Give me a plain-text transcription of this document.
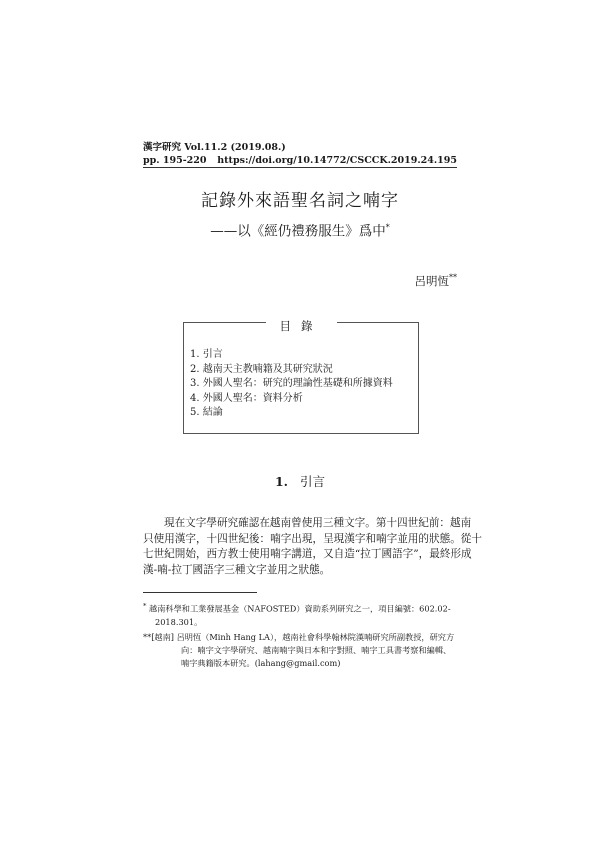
漢字研究 Vol.11.2 (2019.08.)
pp. 195-220	https://doi.org/10.14772/CSCCK.2019.24.195
記錄外來語聖名詞之喃字
——以《經仍禮務服生》爲中*
呂明恆**
目錄
1. 引言
2. 越南天主教喃籍及其研究狀況
3. 外國人聖名：研究的理論性基礎和所據資料
4. 外國人聖名：資料分析
5. 結論
1. 引言
現在文字學研究確認在越南曾使用三種文字。第十四世紀前：越南
只使用漢字，十四世紀後：喃字出現，呈現漢字和喃字並用的狀態。從十
七世紀開始，西方教士使用喃字講道，又自造“拉丁國語字”，最終形成
漢-喃-拉丁國語字三種文字並用之狀態。
* 越南科學和工業發展基金（NAFOSTED）資助系列研究之一，項目編號：602.02-
2018.301。
**[越南] 呂明恆（Minh Hang LA），越南社會科學翰林院漢喃研究所副教授，研究方
向：喃字文字學研究、越南喃字與日本和字對照、喃字工具書考察和編輯、
喃字典籍版本研究。(lahang@gmail.com)
